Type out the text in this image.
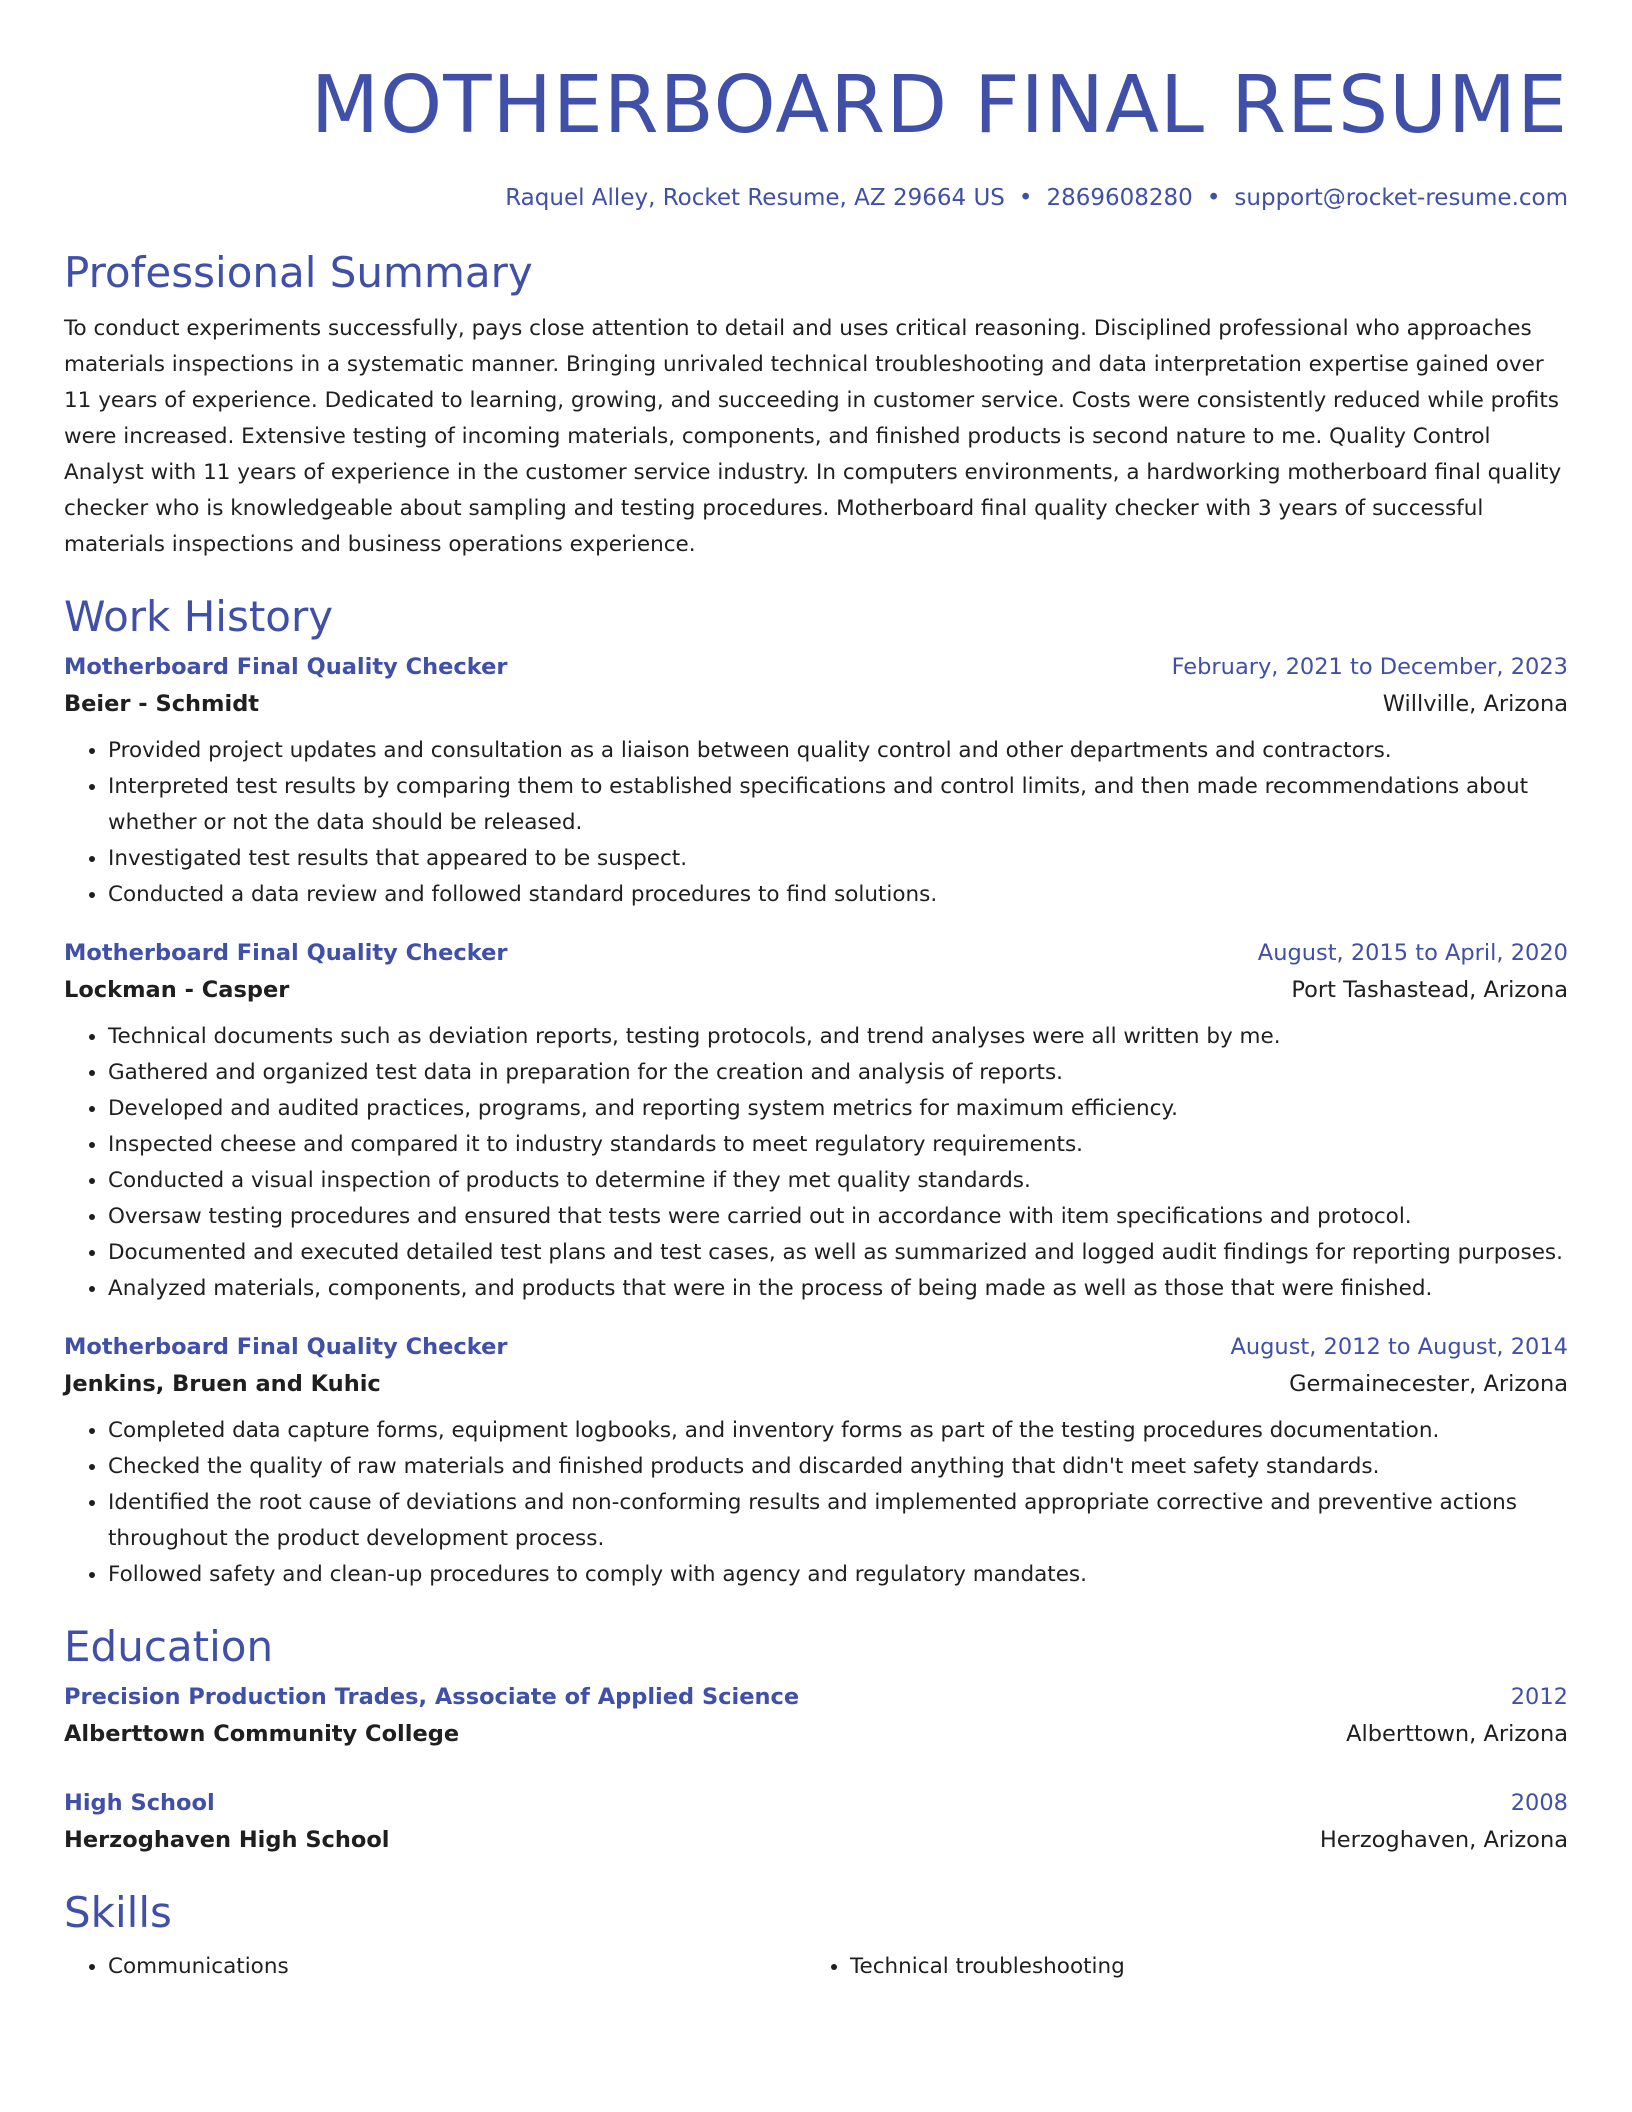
MOTHERBOARD FINAL RESUME
Raquel Alley, Rocket Resume, AZ 29664 US • 2869608280 • support@rocket-resume.com
Professional Summary
To conduct experiments successfully, pays close attention to detail and uses critical reasoning. Disciplined professional who approaches materials inspections in a systematic manner. Bringing unrivaled technical troubleshooting and data interpretation expertise gained over 11 years of experience. Dedicated to learning, growing, and succeeding in customer service. Costs were consistently reduced while profits were increased. Extensive testing of incoming materials, components, and finished products is second nature to me. Quality Control Analyst with 11 years of experience in the customer service industry. In computers environments, a hardworking motherboard final quality checker who is knowledgeable about sampling and testing procedures. Motherboard final quality checker with 3 years of successful materials inspections and business operations experience.
Work History
Motherboard Final Quality Checker	February, 2021 to December, 2023
Beier - Schmidt	Willville, Arizona
• Provided project updates and consultation as a liaison between quality control and other departments and contractors.
• Interpreted test results by comparing them to established specifications and control limits, and then made recommendations about whether or not the data should be released.
• Investigated test results that appeared to be suspect.
• Conducted a data review and followed standard procedures to find solutions.
Motherboard Final Quality Checker	August, 2015 to April, 2020
Lockman - Casper	Port Tashastead, Arizona
• Technical documents such as deviation reports, testing protocols, and trend analyses were all written by me.
• Gathered and organized test data in preparation for the creation and analysis of reports.
• Developed and audited practices, programs, and reporting system metrics for maximum efficiency.
• Inspected cheese and compared it to industry standards to meet regulatory requirements.
• Conducted a visual inspection of products to determine if they met quality standards.
• Oversaw testing procedures and ensured that tests were carried out in accordance with item specifications and protocol.
• Documented and executed detailed test plans and test cases, as well as summarized and logged audit findings for reporting purposes.
• Analyzed materials, components, and products that were in the process of being made as well as those that were finished.
Motherboard Final Quality Checker	August, 2012 to August, 2014
Jenkins, Bruen and Kuhic	Germainecester, Arizona
• Completed data capture forms, equipment logbooks, and inventory forms as part of the testing procedures documentation.
• Checked the quality of raw materials and finished products and discarded anything that didn't meet safety standards.
• Identified the root cause of deviations and non-conforming results and implemented appropriate corrective and preventive actions throughout the product development process.
• Followed safety and clean-up procedures to comply with agency and regulatory mandates.
Education
Precision Production Trades, Associate of Applied Science	2012
Alberttown Community College	Alberttown, Arizona
High School	2008
Herzoghaven High School	Herzoghaven, Arizona
Skills
• Communications
•	Technical troubleshooting
